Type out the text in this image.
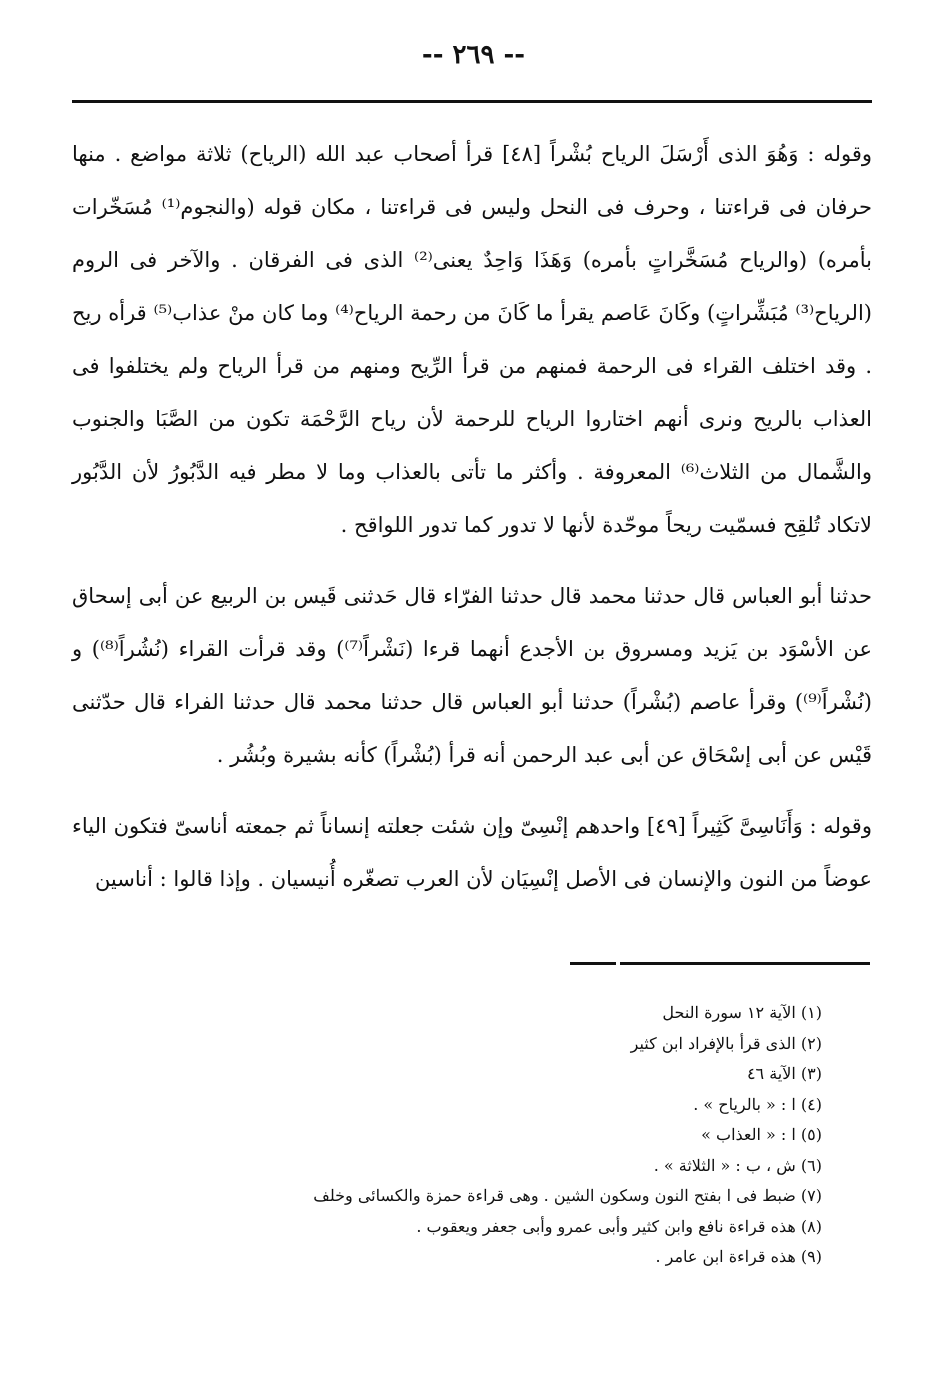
-- ٢٦٩ --

وقوله : وَهُوَ الذى أَرْسَلَ الرياح بُشْراً [٤٨] قرأ أصحاب عبد الله (الرياح) ثلاثة مواضع . منها حرفان فى قراءتنا ، وحرف فى النحل وليس فى قراءتنا ، مكان قوله (والنجوم⁽¹⁾ مُسَخّرات بأمره) (والرياح مُسَخَّراتٍ بأمره) وَهَذَا وَاحِدٌ يعنى⁽²⁾ الذى فى الفرقان . والآخر فى الروم (الرياح⁽³⁾ مُبَشِّراتٍ) وكَانَ عَاصم يقرأ ما كَانَ من رحمة الرياح⁽⁴⁾ وما كان منْ عذاب⁽⁵⁾ قرأه ريح . وقد اختلف القراء فى الرحمة فمنهم من قرأ الرِّيح ومنهم من قرأ الرياح ولم يختلفوا فى العذاب بالريح ونرى أنهم اختاروا الرياح للرحمة لأن رياح الرَّحْمَة تكون من الصَّبَا والجنوب والشَّمال من الثلاث⁽⁶⁾ المعروفة . وأكثر ما تأتى بالعذاب وما لا مطر فيه الدَّبُورُ لأن الدَّبُور لاتكاد تُلقِح فسمّيت ريحاً موحّدة لأنها لا تدور كما تدور اللواقح .

حدثنا أبو العباس قال حدثنا محمد قال حدثنا الفرّاء قال حَدثنى قَيس بن الربيع عن أبى إسحاق عن الأسْوَد بن يَزيد ومسروق بن الأجدع أنهما قرءا (نَشْراً⁽⁷⁾) وقد قرأت القراء (نُشُراً⁽⁸⁾) و (نُشْراً⁽⁹⁾) وقرأ عاصم (بُشْراً) حدثنا أبو العباس قال حدثنا محمد قال حدثنا الفراء قال حدّثنى قَيْس عن أبى إسْحَاق عن أبى عبد الرحمن أنه قرأ (بُشْراً) كأنه بشيرة وبُشُر .

وقوله : وَأَنَاسِىَّ كَثِيراً [٤٩] واحدهم إنْسِىّ وإن شئت جعلته إنساناً ثم جمعته أناسىّ فتكون الياء عوضاً من النون والإنسان فى الأصل إنْسِيَان لأن العرب تصغّره أُنيسيان . وإذا قالوا : أناسين

(١) الآية ١٢ سورة النحل
(٢) الذى قرأ بالإفراد ابن كثير
(٣) الآية ٤٦
(٤) ا : « بالرياح » .
(٥) ا : « العذاب »
(٦) ش ، ب : « الثلاثة » .
(٧) ضبط فى ا بفتح النون وسكون الشين . وهى قراءة حمزة والكسائى وخلف
(٨) هذه قراءة نافع وابن كثير وأبى عمرو وأبى جعفر ويعقوب .
(٩) هذه قراءة ابن عامر .
